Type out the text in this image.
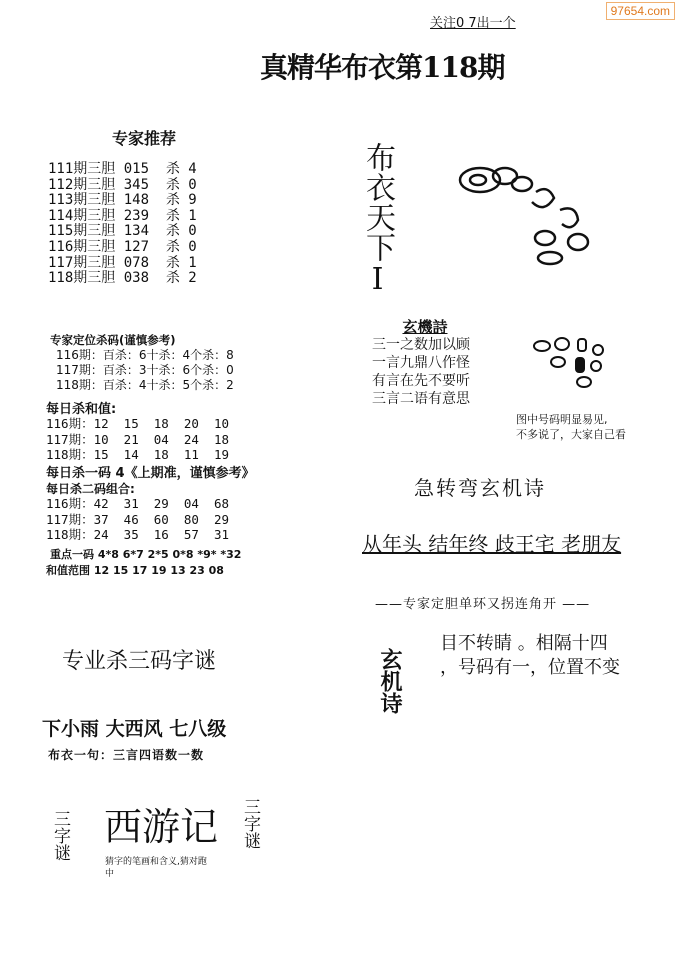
97654.com
关注0 7出一个
真精华布衣第118期
专家推荐
111期三胆 015  杀 4
112期三胆 345  杀 0
113期三胆 148  杀 9
114期三胆 239  杀 1
115期三胆 134  杀 0
116期三胆 127  杀 0
117期三胆 078  杀 1
118期三胆 038  杀 2
专家定位杀码(谨慎参考)
116期：百杀：6十杀：4个杀：8
117期：百杀：3十杀：6个杀：0
118期：百杀：4十杀：5个杀：2
每日杀和值:
116期：12  15  18  20  10
117期：10  21  04  24  18
118期：15  14  18  11  19
每日杀一码 4《上期准，谨慎参考》
每日杀二码组合:
116期：42  31  29  04  68
117期：37  46  60  80  29
118期：24  35  16  57  31
重点一码 4*8 6*7 2*5 0*8 *9* *32
和值范围 12 15 17 19 13 23 08
专业杀三码字谜
下小雨 大西风 七八级
布衣一句：三言四语数一数
三字谜 西游记 三字谜
猜字的笔画和含义,猜对跑中
布衣天下I
玄機詩
三一之数加以顾
一言九鼎八作怪
有言在先不要听
三言二语有意思
图中号码明显易见,
不多说了，大家自己看
急转弯玄机诗
从年头 结年终 歧王宅 老朋友
——专家定胆单环又拐连角开 ——
玄机诗
目不转睛 。相隔十四
，号码有一，位置不变
